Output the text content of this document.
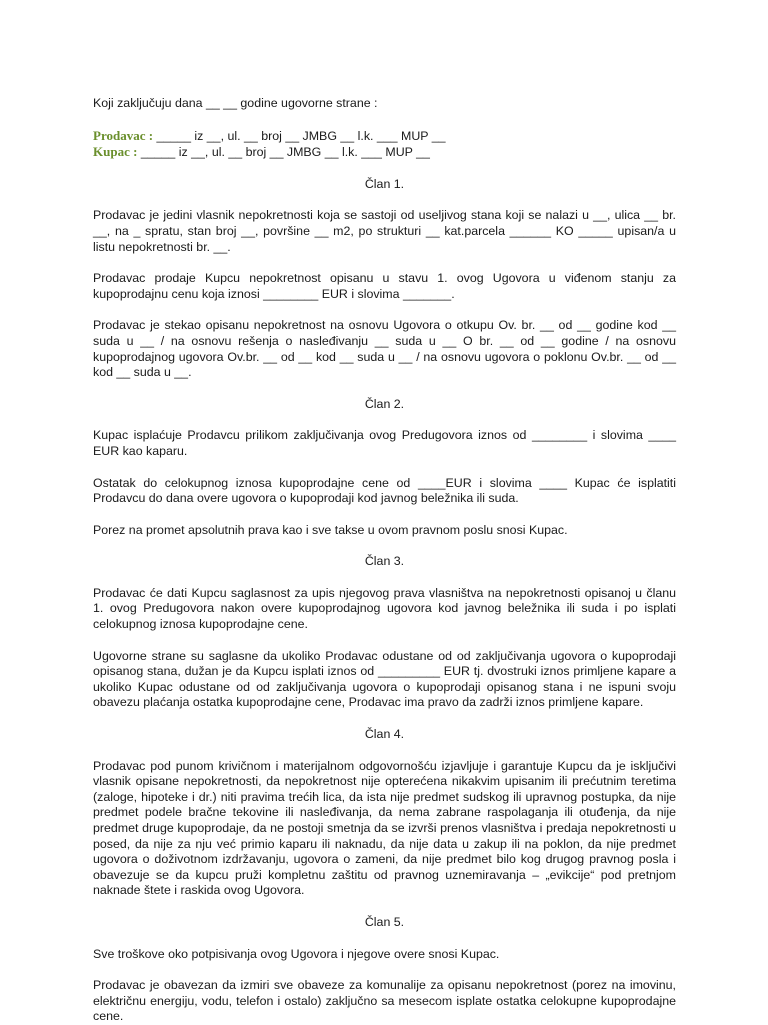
Koji zaključuju dana __ __ godine ugovorne strane :

Prodavac : _____ iz __, ul. __ broj __ JMBG __ l.k. ___ MUP __

Kupac : _____ iz __, ul. __ broj __ JMBG __ l.k. ___ MUP __

Član 1.

Prodavac je jedini vlasnik nepokretnosti koja se sastoji od useljivog stana koji se nalazi u __, ulica __ br. __, na _ spratu, stan broj __, površine __ m2, po strukturi __ kat.parcela ______ KO _____ upisan/a u listu nepokretnosti br. __.

Prodavac prodaje Kupcu nepokretnost opisanu u stavu 1. ovog Ugovora u viđenom stanju za kupoprodajnu cenu koja iznosi ________ EUR i slovima _______.

Prodavac je stekao opisanu nepokretnost na osnovu Ugovora o otkupu Ov. br. __ od __ godine kod __ suda u __ / na osnovu rešenja o nasleđivanju __ suda u __ O br. __ od __ godine / na osnovu kupoprodajnog ugovora Ov.br. __ od __ kod __ suda u __ / na osnovu ugovora o poklonu Ov.br. __ od __ kod __ suda u __.

Član 2.

Kupac isplaćuje Prodavcu prilikom zaključivanja ovog Predugovora iznos od ________ i slovima ____ EUR kao kaparu.

Ostatak do celokupnog iznosa kupoprodajne cene od ____EUR i slovima ____ Kupac će isplatiti Prodavcu do dana overe ugovora o kupoprodaji kod javnog beležnika ili suda.

Porez na promet apsolutnih prava kao i sve takse u ovom pravnom poslu snosi Kupac.

Član 3.

Prodavac će dati Kupcu saglasnost za upis njegovog prava vlasništva na nepokretnosti opisanoj u članu 1. ovog Predugovora nakon overe kupoprodajnog ugovora kod javnog beležnika ili suda i po isplati celokupnog iznosa kupoprodajne cene.

Ugovorne strane su saglasne da ukoliko Prodavac odustane od od zaključivanja ugovora o kupoprodaji opisanog stana, dužan je da Kupcu isplati iznos od _________ EUR tj. dvostruki iznos primljene kapare a ukoliko Kupac odustane od od zaključivanja ugovora o kupoprodaji opisanog stana i ne ispuni svoju obavezu plaćanja ostatka kupoprodajne cene, Prodavac ima pravo da zadrži iznos primljene kapare.

Član 4.

Prodavac pod punom krivičnom i materijalnom odgovornošću izjavljuje i garantuje Kupcu da je isključivi vlasnik opisane nepokretnosti, da nepokretnost nije opterećena nikakvim upisanim ili prećutnim teretima (zaloge, hipoteke i dr.) niti pravima trećih lica, da ista nije predmet sudskog ili upravnog postupka, da nije predmet podele bračne tekovine ili nasleđivanja, da nema zabrane raspolaganja ili otuđenja, da nije predmet druge kupoprodaje, da ne postoji smetnja da se izvrši prenos vlasništva i predaja nepokretnosti u posed, da nije za nju već primio kaparu ili naknadu, da nije data u zakup ili na poklon, da nije predmet ugovora o doživotnom izdržavanju, ugovora o zameni, da nije predmet bilo kog drugog pravnog posla i obavezuje se da kupcu pruži kompletnu zaštitu od pravnog uznemiravanja – „evikcije“ pod pretnjom naknade štete i raskida ovog Ugovora.

Član 5.

Sve troškove oko potpisivanja ovog Ugovora i njegove overe snosi Kupac.

Prodavac je obavezan da izmiri sve obaveze za komunalije za opisanu nepokretnost (porez na imovinu, električnu energiju, vodu, telefon i ostalo) zaključno sa mesecom isplate ostatka celokupne kupoprodajne cene.
